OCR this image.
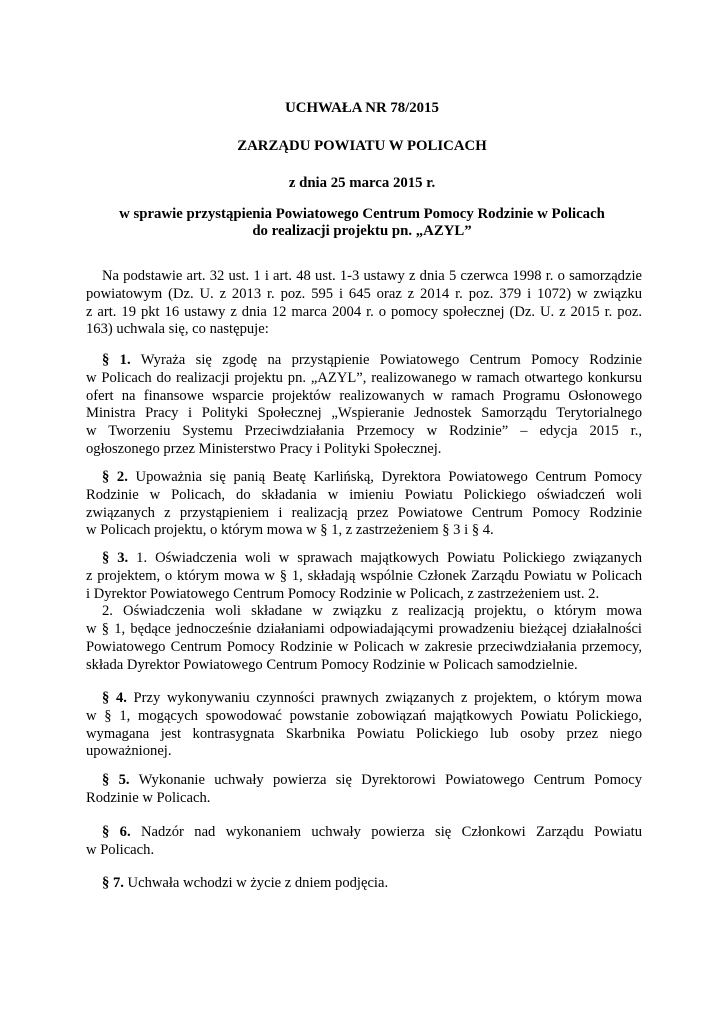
UCHWAŁA NR 78/2015
ZARZĄDU POWIATU W POLICACH
z dnia 25 marca 2015 r.
w sprawie przystąpienia Powiatowego Centrum Pomocy Rodzinie w Policach
do realizacji projektu pn. „AZYL”
Na podstawie art. 32 ust. 1 i art. 48 ust. 1-3 ustawy z dnia 5 czerwca 1998 r. o samorządzie
powiatowym (Dz. U. z 2013 r. poz. 595 i 645 oraz z 2014 r. poz. 379 i 1072) w związku
z art. 19 pkt 16 ustawy z dnia 12 marca 2004 r. o pomocy społecznej (Dz. U. z 2015 r. poz.
163) uchwala się, co następuje:
§ 1. Wyraża się zgodę na przystąpienie Powiatowego Centrum Pomocy Rodzinie
w Policach do realizacji projektu pn. „AZYL”, realizowanego w ramach otwartego konkursu
ofert na finansowe wsparcie projektów realizowanych w ramach Programu Osłonowego
Ministra Pracy i Polityki Społecznej „Wspieranie Jednostek Samorządu Terytorialnego
w Tworzeniu Systemu Przeciwdziałania Przemocy w Rodzinie” – edycja 2015 r.,
ogłoszonego przez Ministerstwo Pracy i Polityki Społecznej.
§ 2. Upoważnia się panią Beatę Karlińską, Dyrektora Powiatowego Centrum Pomocy
Rodzinie w Policach, do składania w imieniu Powiatu Polickiego oświadczeń woli
związanych z przystąpieniem i realizacją przez Powiatowe Centrum Pomocy Rodzinie
w Policach projektu, o którym mowa w § 1, z zastrzeżeniem § 3 i § 4.
§ 3. 1. Oświadczenia woli w sprawach majątkowych Powiatu Polickiego związanych
z projektem, o którym mowa w § 1, składają wspólnie Członek Zarządu Powiatu w Policach
i Dyrektor Powiatowego Centrum Pomocy Rodzinie w Policach, z zastrzeżeniem ust. 2.
2. Oświadczenia woli składane w związku z realizacją projektu, o którym mowa
w § 1, będące jednocześnie działaniami odpowiadającymi prowadzeniu bieżącej działalności
Powiatowego Centrum Pomocy Rodzinie w Policach w zakresie przeciwdziałania przemocy,
składa Dyrektor Powiatowego Centrum Pomocy Rodzinie w Policach samodzielnie.
§ 4. Przy wykonywaniu czynności prawnych związanych z projektem, o którym mowa
w § 1, mogących spowodować powstanie zobowiązań majątkowych Powiatu Polickiego,
wymagana jest kontrasygnata Skarbnika Powiatu Polickiego lub osoby przez niego
upoważnionej.
§ 5. Wykonanie uchwały powierza się Dyrektorowi Powiatowego Centrum Pomocy
Rodzinie w Policach.
§ 6. Nadzór nad wykonaniem uchwały powierza się Członkowi Zarządu Powiatu
w Policach.
§ 7. Uchwała wchodzi w życie z dniem podjęcia.
